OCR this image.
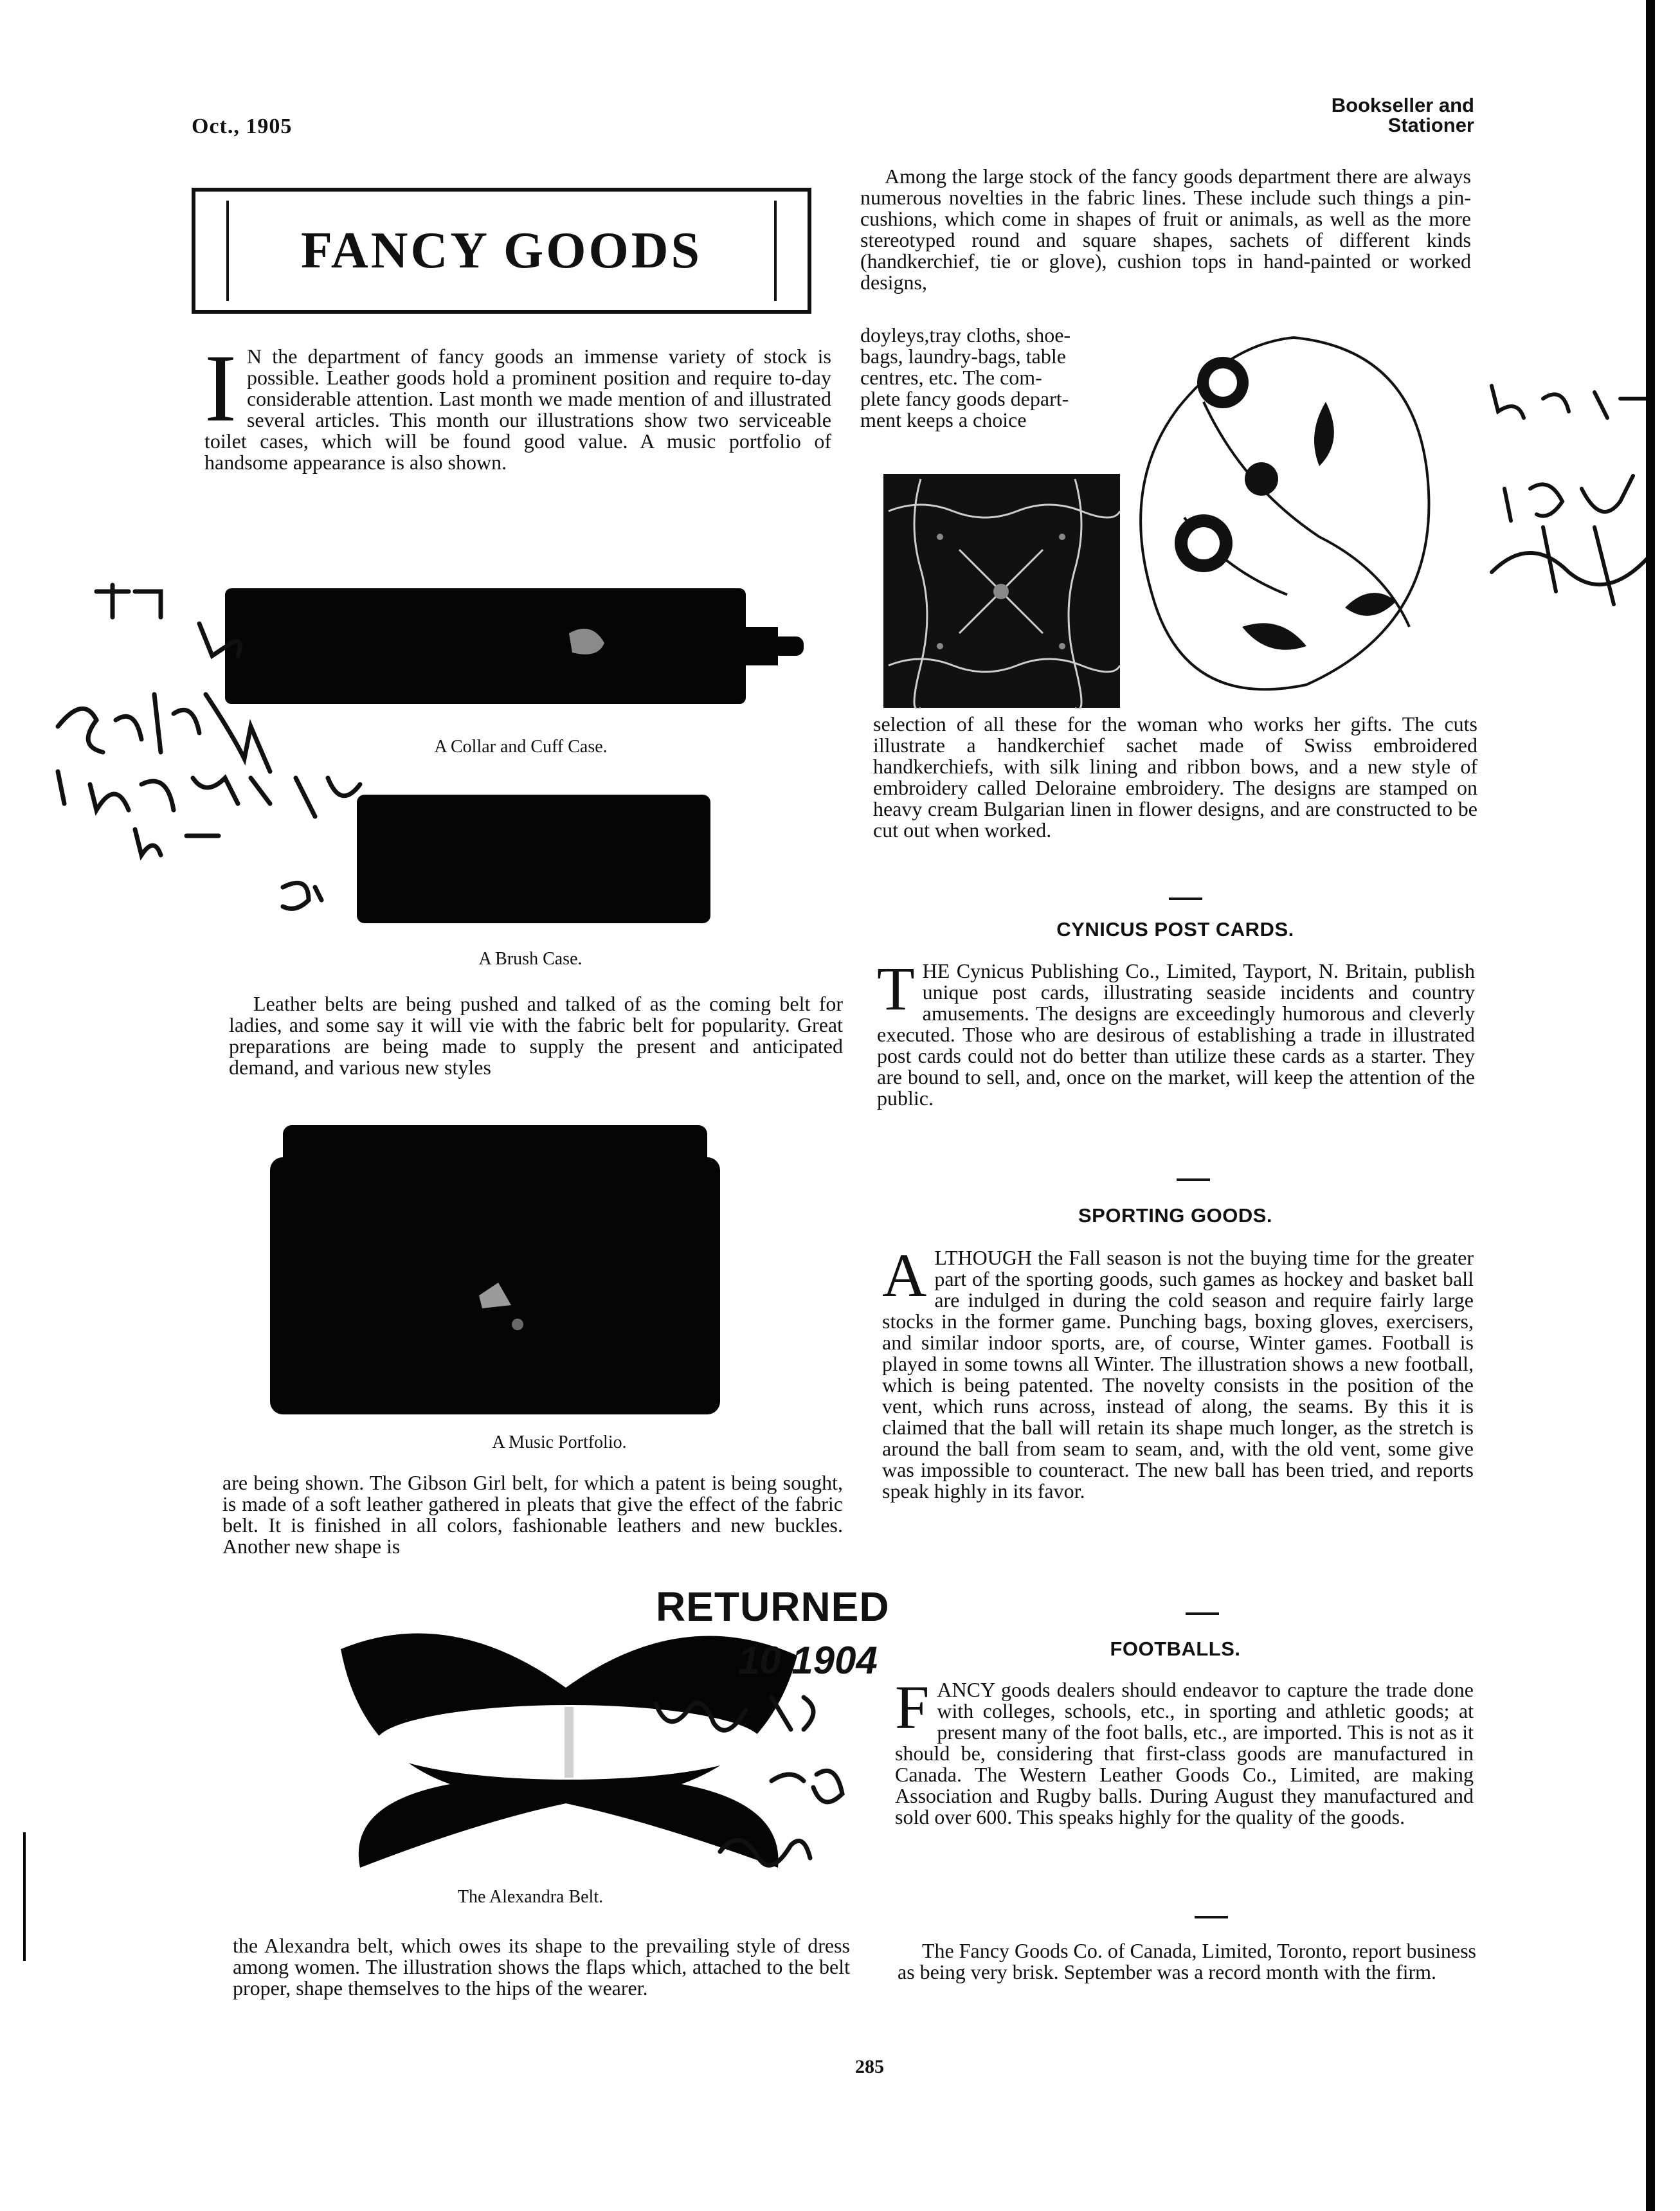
Oct., 1905
Bookseller and
Stationer
FANCY GOODS
I N the department of fancy goods an immense variety of stock is possible. Leather goods hold a prominent position and require to-day considerable attention. Last month we made mention of and illustrated several articles. This month our illustrations show two serviceable toilet cases, which will be found good value. A music portfolio of handsome appearance is also shown.
A Collar and Cuff Case.
A Brush Case.

Leather belts are being pushed and talked of as the coming belt for ladies, and some say it will vie with the fabric belt for popularity. Great preparations are being made to supply the present and anticipated demand, and various new styles

A Music Portfolio.

are being shown. The Gibson Girl belt, for which a patent is being sought, is made of a soft leather gathered in pleats that give the effect of the fabric belt. It is finished in all colors, fashionable leathers and new buckles. Another new shape is

The Alexandra Belt.

the Alexandra belt, which owes its shape to the prevailing style of dress among women. The illustration shows the flaps which, attached to the belt proper, shape themselves to the hips of the wearer.

Among the large stock of the fancy goods department there are always numerous novelties in the fabric lines. These include such things a pin-cushions, which come in shapes of fruit or animals, as well as the more stereotyped round and square shapes, sachets of different kinds (handkerchief, tie or glove), cushion tops in hand-painted or worked designs,

doyleys,tray cloths, shoe-
bags, laundry-bags, table
centres, etc. The com-
plete fancy goods depart-
ment keeps a choice

selection of all these for the woman who works her gifts. The cuts illustrate a handkerchief sachet made of Swiss embroidered handkerchiefs, with silk lining and ribbon bows, and a new style of embroidery called Deloraine embroidery. The designs are stamped on heavy cream Bulgarian linen in flower designs, and are constructed to be cut out when worked.

CYNICUS POST CARDS.
T HE Cynicus Publishing Co., Limited, Tayport, N. Britain, publish unique post cards, illustrating seaside incidents and country amusements. The designs are exceedingly humorous and cleverly executed. Those who are desirous of establishing a trade in illustrated post cards could not do better than utilize these cards as a starter. They are bound to sell, and, once on the market, will keep the attention of the public.
SPORTING GOODS.
A LTHOUGH the Fall season is not the buying time for the greater part of the sporting goods, such games as hockey and basket ball are indulged in during the cold season and require fairly large stocks in the former game. Punching bags, boxing gloves, exercisers, and similar indoor sports, are, of course, Winter games. Football is played in some towns all Winter. The illustration shows a new football, which is being patented. The novelty consists in the position of the vent, which runs across, instead of along, the seams. By this it is claimed that the ball will retain its shape much longer, as the stretch is around the ball from seam to seam, and, with the old vent, some give was impossible to counteract. The new ball has been tried, and reports speak highly in its favor.
FOOTBALLS.
F ANCY goods dealers should endeavor to capture the trade done with colleges, schools, etc., in sporting and athletic goods; at present many of the foot balls, etc., are imported. This is not as it should be, considering that first-class goods are manufactured in Canada. The Western Leather Goods Co., Limited, are making Association and Rugby balls. During August they manufactured and sold over 600. This speaks highly for the quality of the goods.

The Fancy Goods Co. of Canada, Limited, Toronto, report business as being very brisk. September was a record month with the firm.

RETURNED
10 1904
285
